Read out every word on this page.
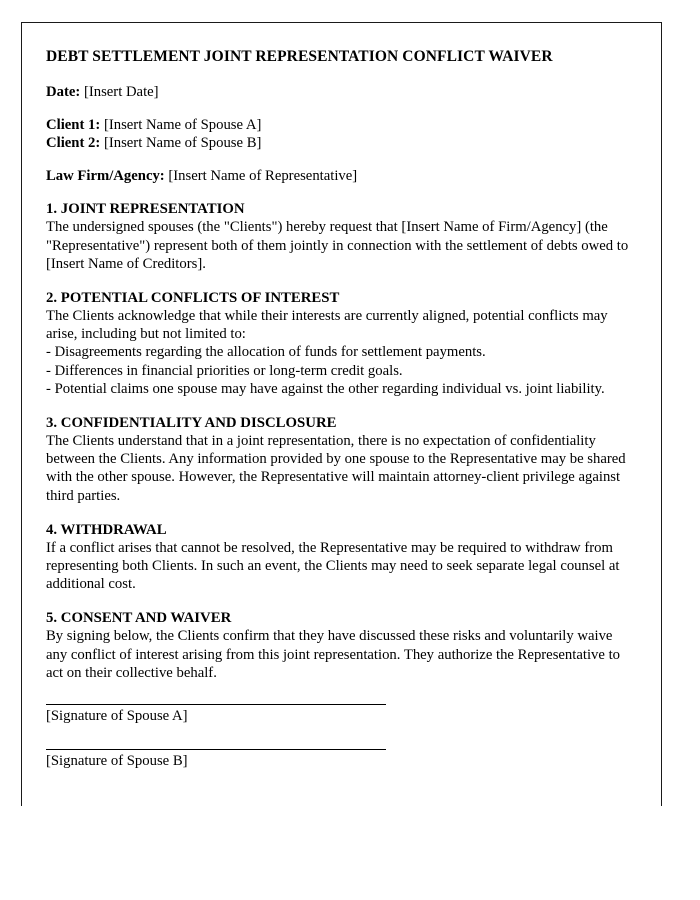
DEBT SETTLEMENT JOINT REPRESENTATION CONFLICT WAIVER
Date: [Insert Date]
Client 1: [Insert Name of Spouse A]
Client 2: [Insert Name of Spouse B]
Law Firm/Agency: [Insert Name of Representative]
1. JOINT REPRESENTATION
The undersigned spouses (the "Clients") hereby request that [Insert Name of Firm/Agency] (the "Representative") represent both of them jointly in connection with the settlement of debts owed to [Insert Name of Creditors].
2. POTENTIAL CONFLICTS OF INTEREST
The Clients acknowledge that while their interests are currently aligned, potential conflicts may arise, including but not limited to:
- Disagreements regarding the allocation of funds for settlement payments.
- Differences in financial priorities or long-term credit goals.
- Potential claims one spouse may have against the other regarding individual vs. joint liability.
3. CONFIDENTIALITY AND DISCLOSURE
The Clients understand that in a joint representation, there is no expectation of confidentiality between the Clients. Any information provided by one spouse to the Representative may be shared with the other spouse. However, the Representative will maintain attorney-client privilege against third parties.
4. WITHDRAWAL
If a conflict arises that cannot be resolved, the Representative may be required to withdraw from representing both Clients. In such an event, the Clients may need to seek separate legal counsel at additional cost.
5. CONSENT AND WAIVER
By signing below, the Clients confirm that they have discussed these risks and voluntarily waive any conflict of interest arising from this joint representation. They authorize the Representative to act on their collective behalf.
[Signature of Spouse A]
[Signature of Spouse B]
